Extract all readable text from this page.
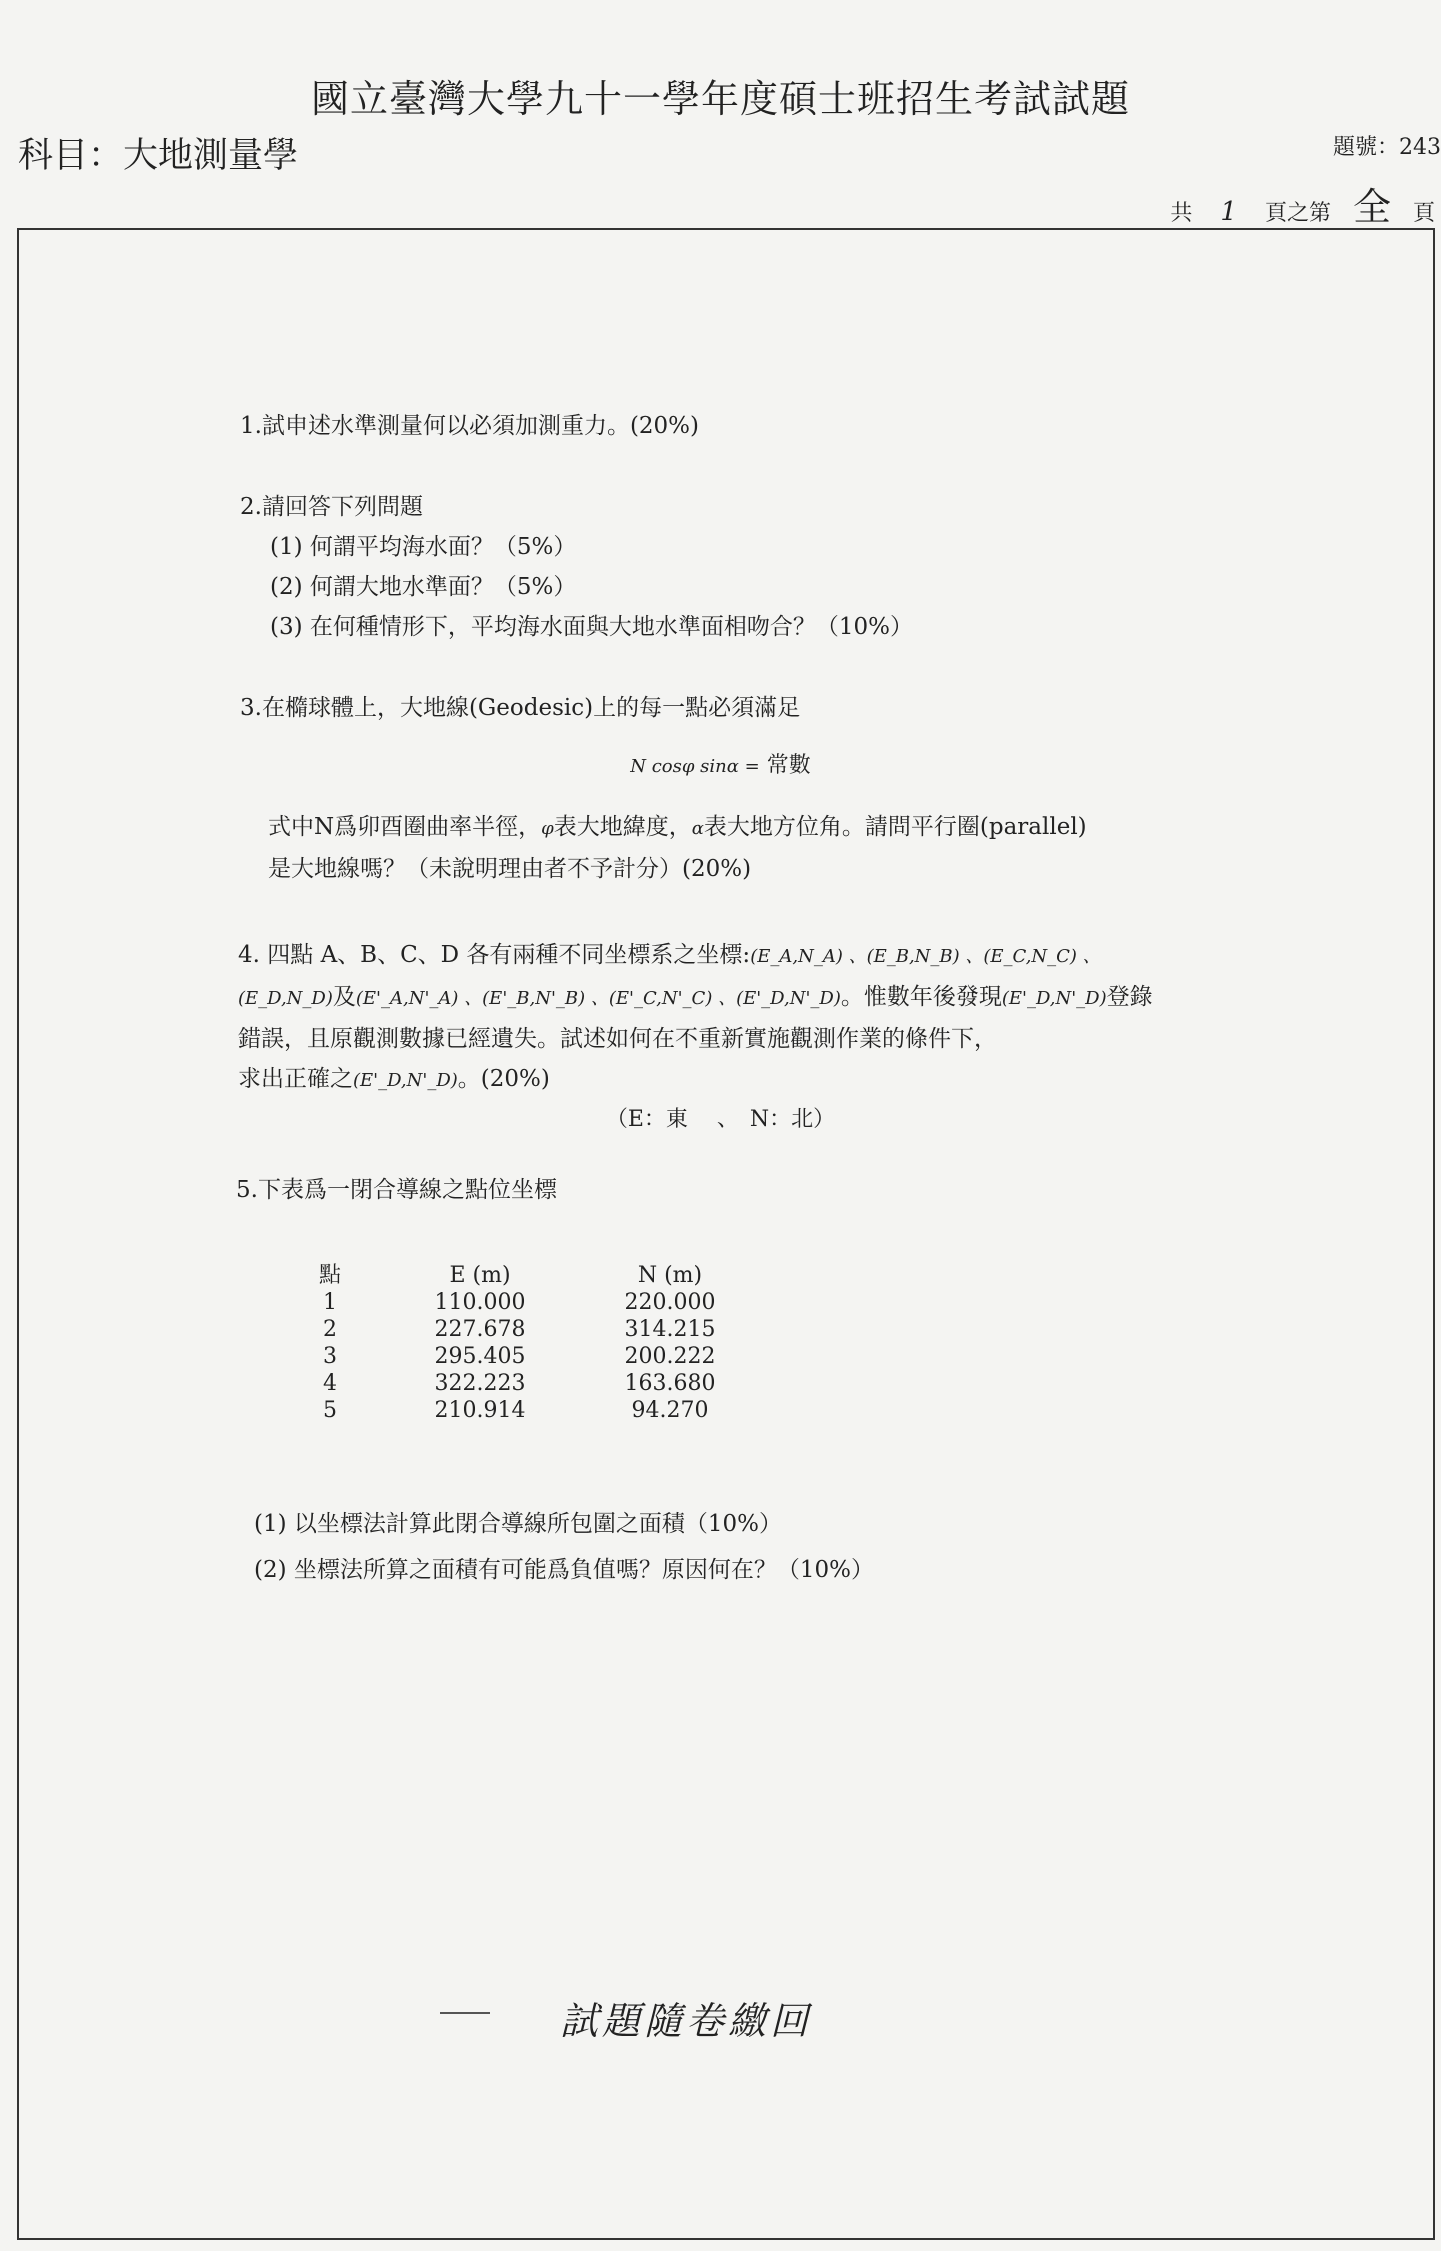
國立臺灣大學九十一學年度碩士班招生考試試題
科目：大地測量學	題號：243
共	1	頁之第 全	頁
1.試申述水準測量何以必須加測重力。(20%)
2.請回答下列問題
(1) 何謂平均海水面？（5%）
(2) 何謂大地水準面？（5%）
(3) 在何種情形下，平均海水面與大地水準面相吻合？（10%）
3.在橢球體上，大地線(Geodesic)上的每一點必須滿足
N cosφ sinα = 常數
式中N爲卯酉圈曲率半徑，φ表大地緯度，α表大地方位角。請問平行圈(parallel)
是大地線嗎？（未說明理由者不予計分）(20%)
4. 四點 A、B、C、D 各有兩種不同坐標系之坐標:(E_A,N_A) 、(E_B,N_B) 、(E_C,N_C) 、
(E_D,N_D)及(E'_A,N'_A) 、(E'_B,N'_B) 、(E'_C,N'_C) 、(E'_D,N'_D)。惟數年後發現(E'_D,N'_D)登錄
錯誤，且原觀測數據已經遺失。試述如何在不重新實施觀測作業的條件下，
求出正確之(E'_D,N'_D)。(20%)
（E：東　 、　N：北）
5.下表爲一閉合導線之點位坐標
點	E (m)	N (m)
1	110.000	220.000
2	227.678	314.215
3	295.405	200.222
4	322.223	163.680
5	210.914	94.270
(1) 以坐標法計算此閉合導線所包圍之面積（10%）
(2) 坐標法所算之面積有可能爲負值嗎？原因何在？（10%）
試題隨卷繳回
